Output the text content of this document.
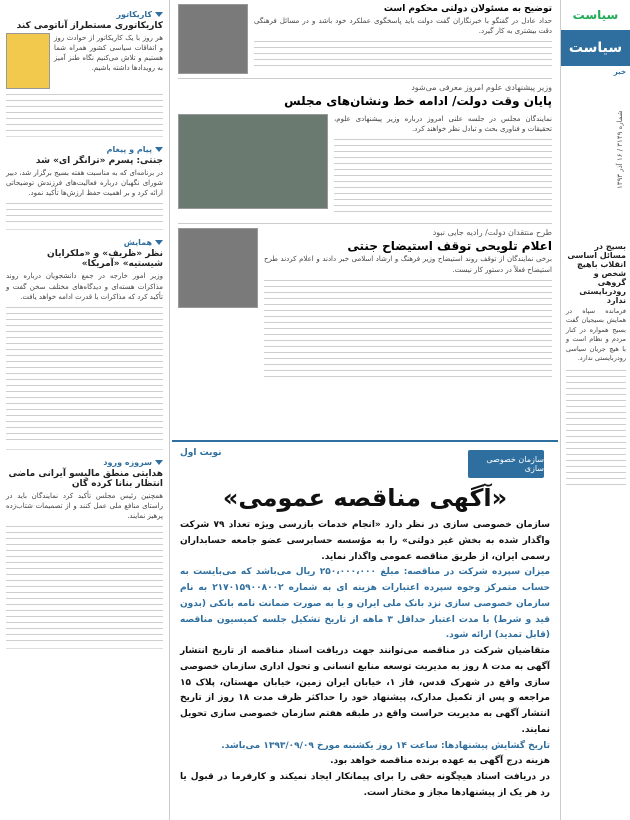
سیاست
سیاست
خبر
شماره ۳۱۴۹ / ۱۶ آذر ۱۳۹۳
بسیج در مسائل اساسی انقلاب باهیچ شخص و گروهی رودربایستی ندارد
فرمانده سپاه در همایش بسیجیان گفت بسیج همواره در کنار مردم و نظام است و با هیچ جریان سیاسی رودربایستی ندارد.
توضیح به مسئولان دولتی محکوم است
حداد عادل در گفتگو با خبرنگاران گفت دولت باید پاسخگوی عملکرد خود باشد و در مسائل فرهنگی دقت بیشتری به کار گیرد.
وزیر پیشنهادی علوم امروز معرفی می‌شود
پایان وقت دولت/ ادامه خط ونشان‌های مجلس
نمایندگان مجلس در جلسه علنی امروز درباره وزیر پیشنهادی علوم، تحقیقات و فناوری بحث و تبادل نظر خواهند کرد.
طرح منتقدان دولت/ رادیه جایی نبود
اعلام تلویحی توقف استیضاح جنتی
برخی نمایندگان از توقف روند استیضاح وزیر فرهنگ و ارشاد اسلامی خبر دادند و اعلام کردند طرح استیضاح فعلاً در دستور کار نیست.
کاریکاتور
کاریکاتوری مستطراز آناتومی کند
هر روز با یک کاریکاتور از حوادث روز و اتفاقات سیاسی کشور همراه شما هستیم و تلاش می‌کنیم نگاه طنز آمیز به رویدادها داشته باشیم.
پیام و پیغام
جنتی: پسرم «ترانگر ای» شد
در برنامه‌ای که به مناسبت هفته بسیج برگزار شد، دبیر شورای نگهبان درباره فعالیت‌های فرزندش توضیحاتی ارائه کرد و بر اهمیت حفظ ارزش‌ها تأکید نمود.
همایش
نظر «ظریف» و «ملکرایان شیستیه» «آمریکا»
وزیر امور خارجه در جمع دانشجویان درباره روند مذاکرات هسته‌ای و دیدگاه‌های مختلف سخن گفت و تأکید کرد که مذاکرات با قدرت ادامه خواهد یافت.
سروزه ورود
هدایتی منطق مالیسو آیرانی ماضی انتظار بنانا کرده گان
همچنین رئیس مجلس تأکید کرد نمایندگان باید در راستای منافع ملی عمل کنند و از تصمیمات شتاب‌زده پرهیز نمایند.
نوبت اول
سازمان خصوصی سازی
«آگهی مناقصه عمومی»

سازمان خصوصی سازی در نظر دارد «انجام خدمات بازرسی ویژه تعداد ۷۹ شرکت واگذار شده به بخش غیر دولتی» را به مؤسسه حسابرسی عضو جامعه حسابداران رسمی ایران، از طریق مناقصه عمومی واگذار نماید.

میزان سپرده شرکت در مناقصه: مبلغ ۲۵۰،۰۰۰،۰۰۰ ریال می‌باشد که می‌بایست به حساب متمرکز وجوه سپرده اعتبارات هزینه ای به شماره ۲۱۷۰۱۵۹۰۰۸۰۰۲ به نام سازمان خصوصی سازی نزد بانک ملی ایران و یا به صورت ضمانت نامه بانکی (بدون قید و شرط) با مدت اعتبار حداقل ۳ ماهه از تاریخ تشکیل جلسه کمیسیون مناقصه (قابل تمدید) ارائه شود.

متقاضیان شرکت در مناقصه می‌توانند جهت دریافت اسناد مناقصه از تاریخ انتشار آگهی به مدت ۸ روز به مدیریت توسعه منابع انسانی و تحول اداری سازمان خصوصی سازی واقع در شهرک قدس، فاز ۱، خیابان ایران زمین، خیابان مهستان، پلاک ۱۵ مراجعه و پس از تکمیل مدارک، پیشنهاد خود را حداکثر ظرف مدت ۱۸ روز از تاریخ انتشار آگهی به مدیریت حراست واقع در طبقه هفتم سازمان خصوصی سازی تحویل نمایند.

تاریخ گشایش پیشنهادها: ساعت ۱۴ روز یکشنبه مورخ ۱۳۹۳/۰۹/۰۹ می‌باشد.

هزینه درج آگهی به عهده برنده مناقصه خواهد بود.

در دریافت اسناد هیچگونه حقی را برای پیمانکار ایجاد نمیکند و کارفرما در قبول یا رد هر یک از پیشنهادها مجاز و مختار است.
